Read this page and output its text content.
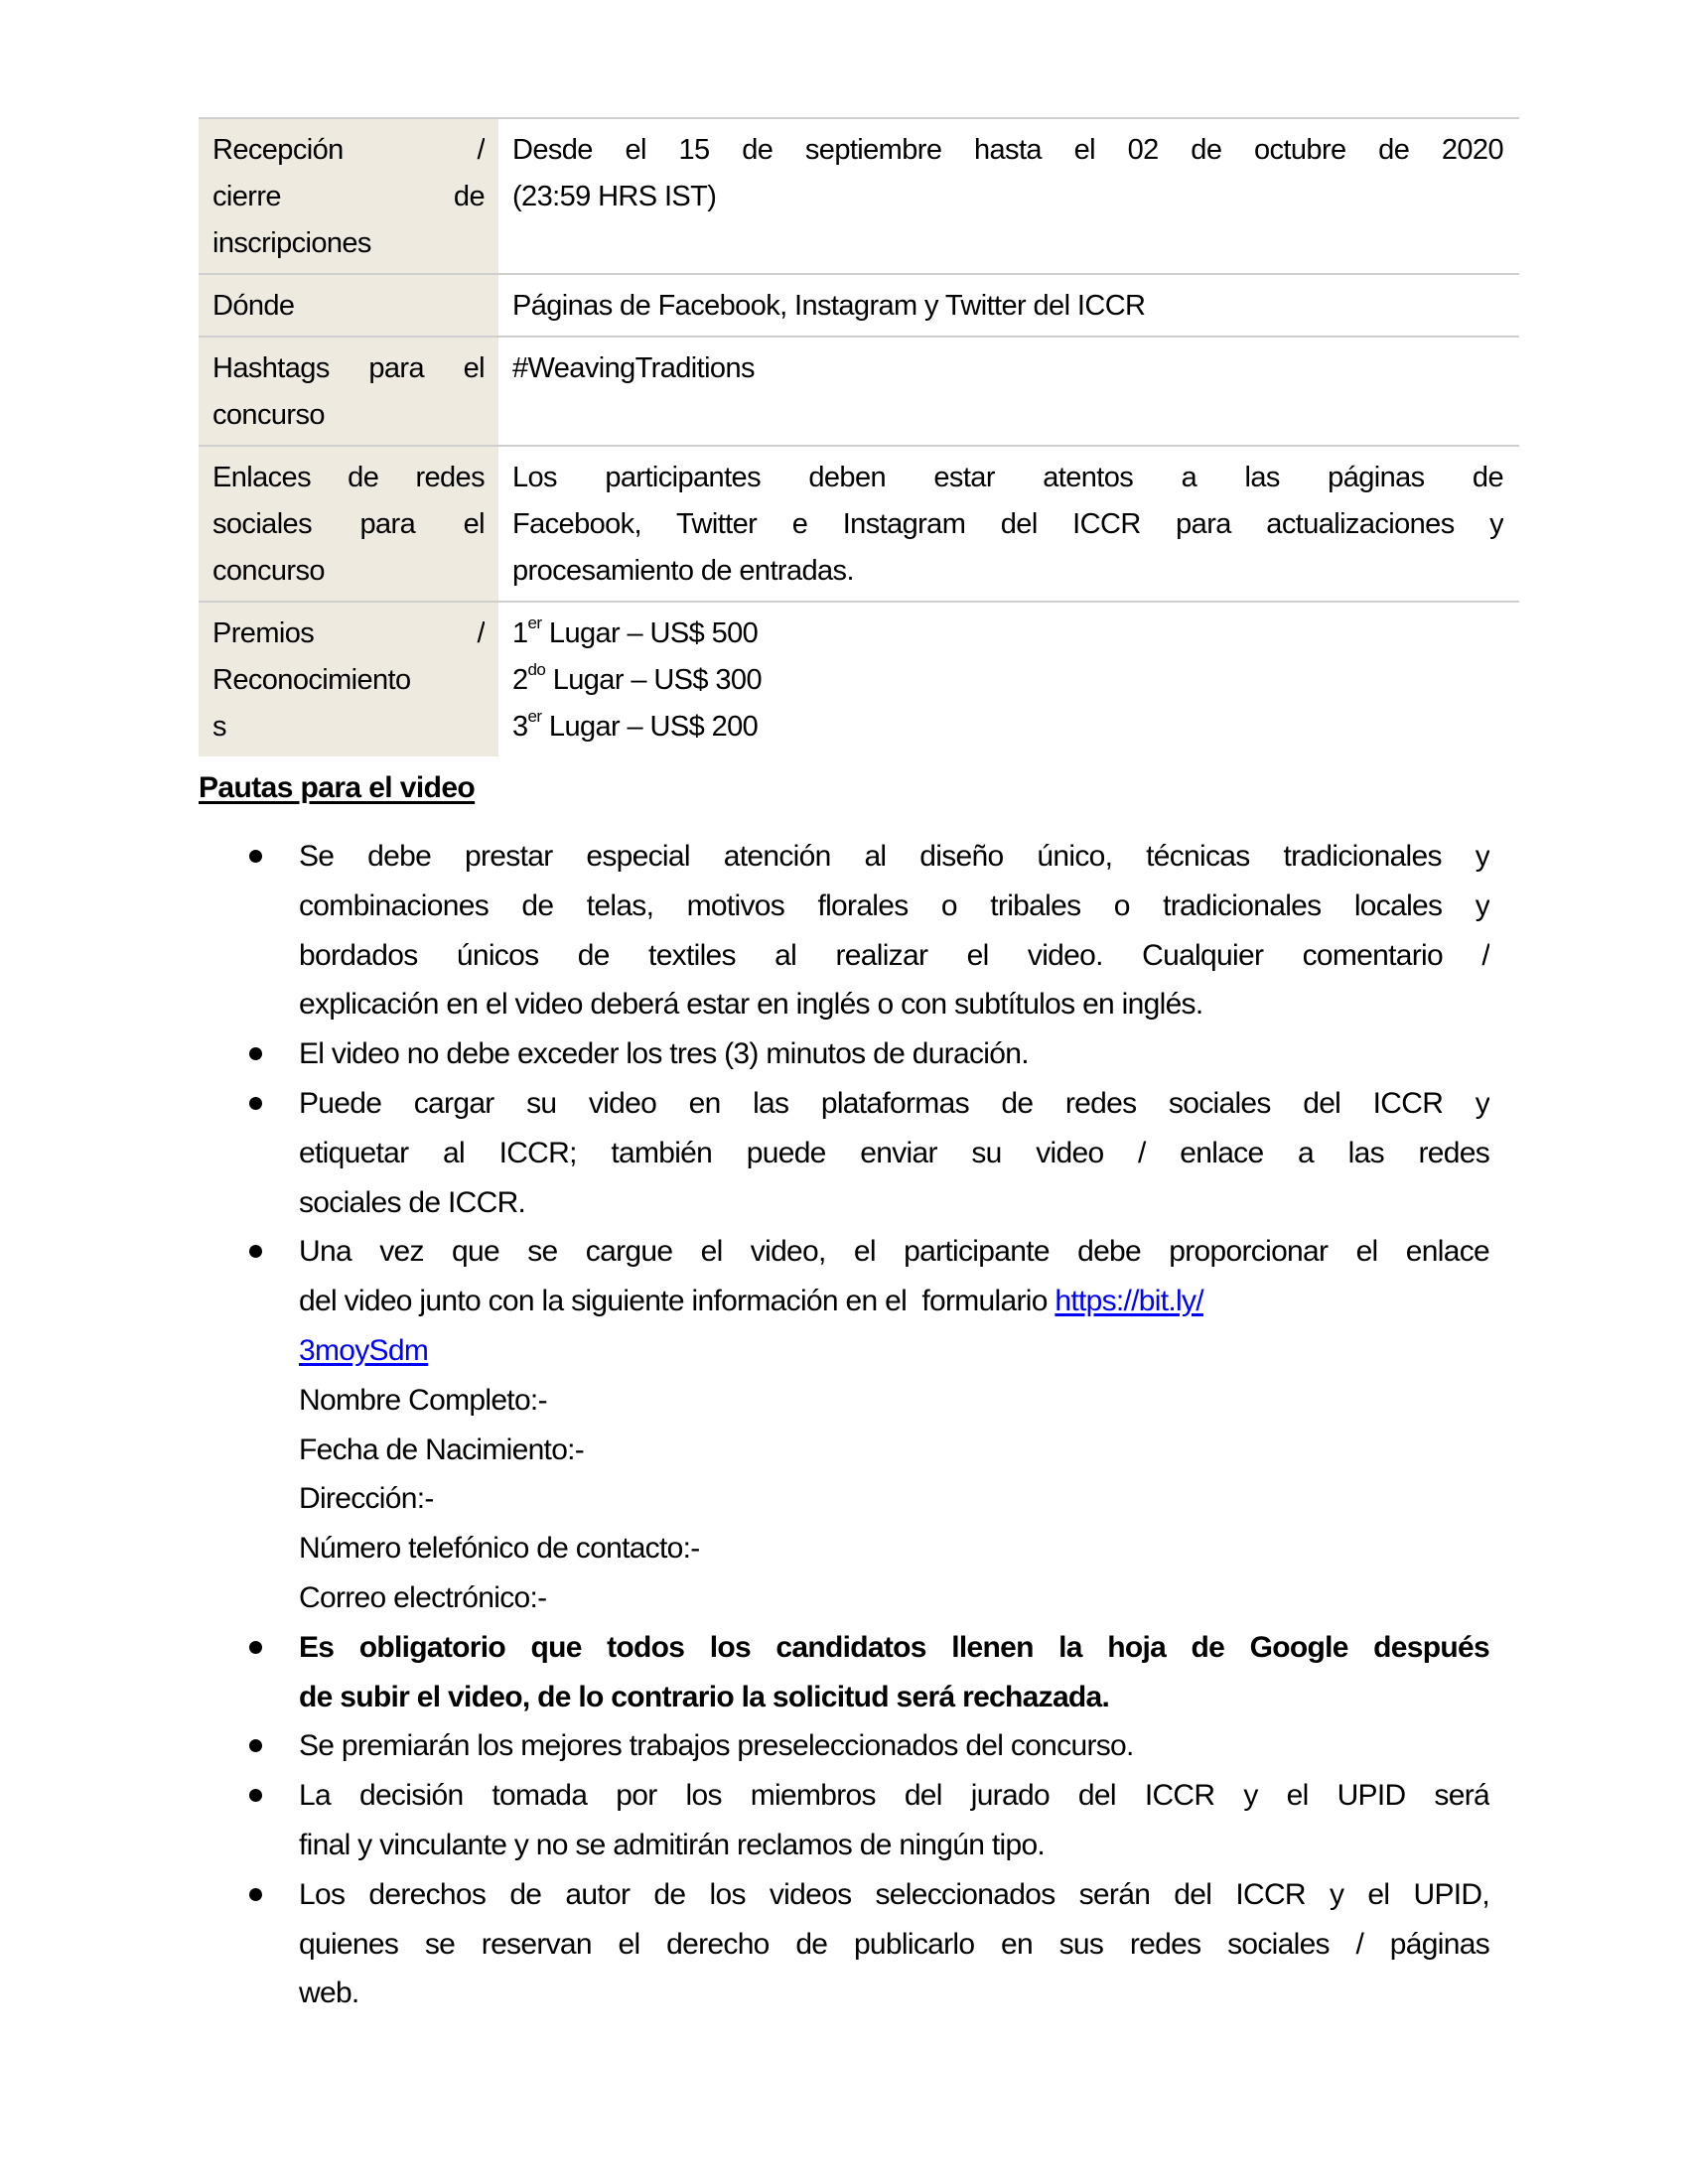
Recepción /
cierre de
inscripciones
Desde el 15 de septiembre hasta el 02 de octubre de 2020
(23:59 HRS IST)
Dónde	Páginas de Facebook, Instagram y Twitter del ICCR
Hashtags para el
concurso
#WeavingTraditions
Enlaces de redes
sociales para el
concurso
Los participantes deben estar atentos a las páginas de
Facebook, Twitter e Instagram del ICCR para actualizaciones y
procesamiento de entradas.
Premios /
Reconocimiento
s
1er Lugar – US$ 500
$2^{do}$ Lugar – US$ 300
3er Lugar – US$ 200
Pautas para el video
Se debe prestar especial atención al diseño único, técnicas tradicionales y
combinaciones de telas, motivos florales o tribales o tradicionales locales y
bordados únicos de textiles al realizar el video. Cualquier comentario /
explicación en el video deberá estar en inglés o con subtítulos en inglés.
El video no debe exceder los tres (3) minutos de duración.
Puede cargar su video en las plataformas de redes sociales del ICCR y
etiquetar al ICCR; también puede enviar su video / enlace a las redes
sociales de ICCR.
Una vez que se cargue el video, el participante debe proporcionar el enlace
del video junto con la siguiente información en el  formulario https://bit.ly/
3moySdm
Nombre Completo:-
Fecha de Nacimiento:-
Dirección:-
Número telefónico de contacto:-
Correo electrónico:-
Es obligatorio que todos los candidatos llenen la hoja de Google después
de subir el video, de lo contrario la solicitud será rechazada.
Se premiarán los mejores trabajos preseleccionados del concurso.
La decisión tomada por los miembros del jurado del ICCR y el UPID será
final y vinculante y no se admitirán reclamos de ningún tipo.
Los derechos de autor de los videos seleccionados serán del ICCR y el UPID,
quienes se reservan el derecho de publicarlo en sus redes sociales / páginas
web.
